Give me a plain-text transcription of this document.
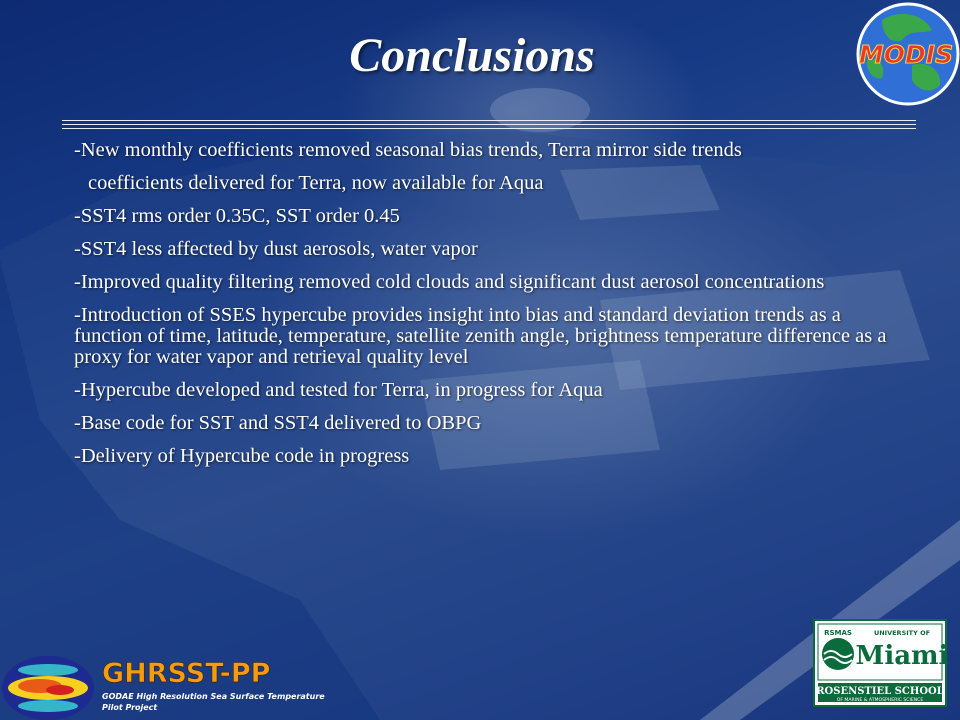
Conclusions

-New monthly coefficients removed seasonal bias trends, Terra mirror side trends

coefficients delivered for Terra, now available for Aqua

-SST4 rms order 0.35C, SST order 0.45

-SST4 less affected by dust aerosols, water vapor

-Improved quality filtering removed cold clouds and significant dust aerosol concentrations

-Introduction of SSES hypercube provides insight into bias and standard deviation trends as a function of time, latitude, temperature, satellite zenith angle, brightness temperature difference as a proxy for water vapor and retrieval quality level

-Hypercube developed and tested for Terra, in progress for Aqua

-Base code for SST and SST4 delivered to OBPG

-Delivery of Hypercube code in progress

MODIS
GHRSST-PP
GODAE High Resolution Sea Surface Temperature
Pilot Project
RSMAS	UNIVERSITY OF
Miami
ROSENSTIEL SCHOOL
OF MARINE & ATMOSPHERIC SCIENCE
